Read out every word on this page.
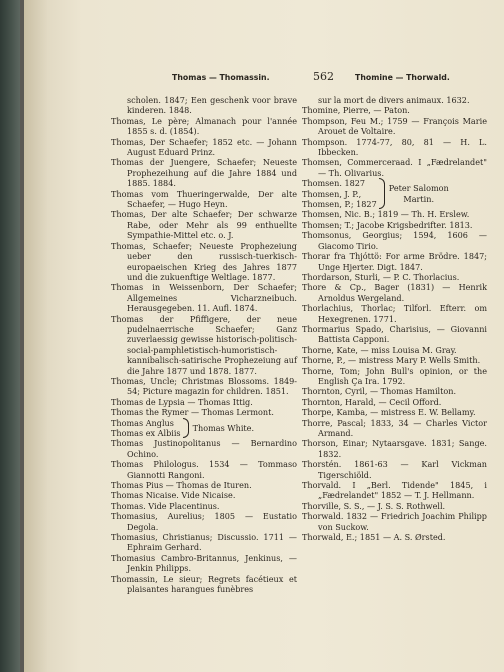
Thomas — Thomassin.	562	Thomine — Thorwald.
scholen. 1847; Een geschenk voor brave kinderen. 1848.
Thomas, Le père; Almanach pour l'année 1855 s. d. (1854).
Thomas, Der Schaefer; 1852 etc. — Johann August Eduard Prinz.
Thomas der Juengere, Schaefer; Neueste Prophezeihung auf die Jahre 1884 und 1885. 1884.
Thomas vom Thueringerwalde, Der alte Schaefer, — Hugo Heyn.
Thomas, Der alte Schaefer; Der schwarze Rabe, oder Mehr als 99 enthuellte Sympathie-Mittel etc. o. J.
Thomas, Schaefer; Neueste Prophezeiung ueber den russisch-tuerkisch-europaeischen Krieg des Jahres 1877 und die zukuenftige Weltlage. 1877.
Thomas in Weissenborn, Der Schaefer; Allgemeines Vicharzneibuch. Herausgegeben. 11. Aufl. 1874.
Thomas der Pfiffigere, der neue pudelnaerrische Schaefer; Ganz zuverlaessig gewisse historisch-politisch-social-pamphletistisch-humoristisch-kannibalisch-satirische Prophezeiung auf die Jahre 1877 und 1878. 1877.
Thomas, Uncle; Christmas Blossoms. 1849-54; Picture magazin for children. 1851.
Thomas de Lypsia — Thomas Ittig.
Thomas the Rymer — Thomas Lermont.
Thomas Anglus
Thomas ex Albiis
Thomas White.
Thomas Justinopolitanus — Bernardino Ochino.
Thomas Philologus. 1534 — Tommaso Giannotti Rangoni.
Thomas Pius — Thomas de Ituren.
Thomas Nicaise. Vide Nicaise.
Thomas. Vide Placentinus.
Thomasius, Aurelius; 1805 — Eustatio Degola.
Thomasius, Christianus; Discussio. 1711 — Ephraim Gerhard.
Thomasius Cambro-Britannus, Jenkinus, — Jenkin Philipps.
Thomassin, Le sieur; Regrets facétieux et plaisantes harangues funèbres
sur la mort de divers animaux. 1632.
Thomine, Pierre, — Paton.
Thompson, Feu M.; 1759 — François Marie Arouet de Voltaire.
Thompson. 1774-77, 80, 81 — H. L. Ibbecken.
Thomsen, Commerceraad. I „Fædrelandet" — Th. Olivarius.
Thomsen. 1827
Thomsen, J. P.,
Thomsen, P.; 1827
Peter Salomon
Martin.
Thomsen, Nic. B.; 1819 — Th. H. Erslew.
Thomsen; T.; Jacobe Krigsbedrifter. 1813.
Thomsonus, Georgius; 1594, 1606 — Giacomo Tirio.
Thorar fra Thjóttö: For arme Brödre. 1847; Unge Hjerter. Digt. 1847.
Thordarson, Sturli, — P. C. Thorlacius.
Thore & Cp., Bager (1831) — Henrik Arnoldus Wergeland.
Thorlachius, Thorlac; Tilforl. Efterr. om Hexegrenen. 1771.
Thormarius Spado, Charisius, — Giovanni Battista Capponi.
Thorne, Kate, — miss Louisa M. Gray.
Thorne, P., — mistress Mary P. Wells Smith.
Thorne, Tom; John Bull's opinion, or the English Ça Ira. 1792.
Thornton, Cyril, — Thomas Hamilton.
Thornton, Harald, — Cecil Offord.
Thorpe, Kamba, — mistress E. W. Bellamy.
Thorre, Pascal; 1833, 34 — Charles Victor Armand.
Thorson, Einar; Nytaarsgave. 1831; Sange. 1832.
Thorstén. 1861-63 — Karl Vickman Tigerschiöld.
Thorvald. I „Berl. Tidende" 1845, i „Fædrelandet" 1852 — T. J. Hellmann.
Thorville, S. S., — J. S. S. Rothwell.
Thorwald. 1832 — Friedrich Joachim Philipp von Suckow.
Thorwald, E.; 1851 — A. S. Ørsted.
